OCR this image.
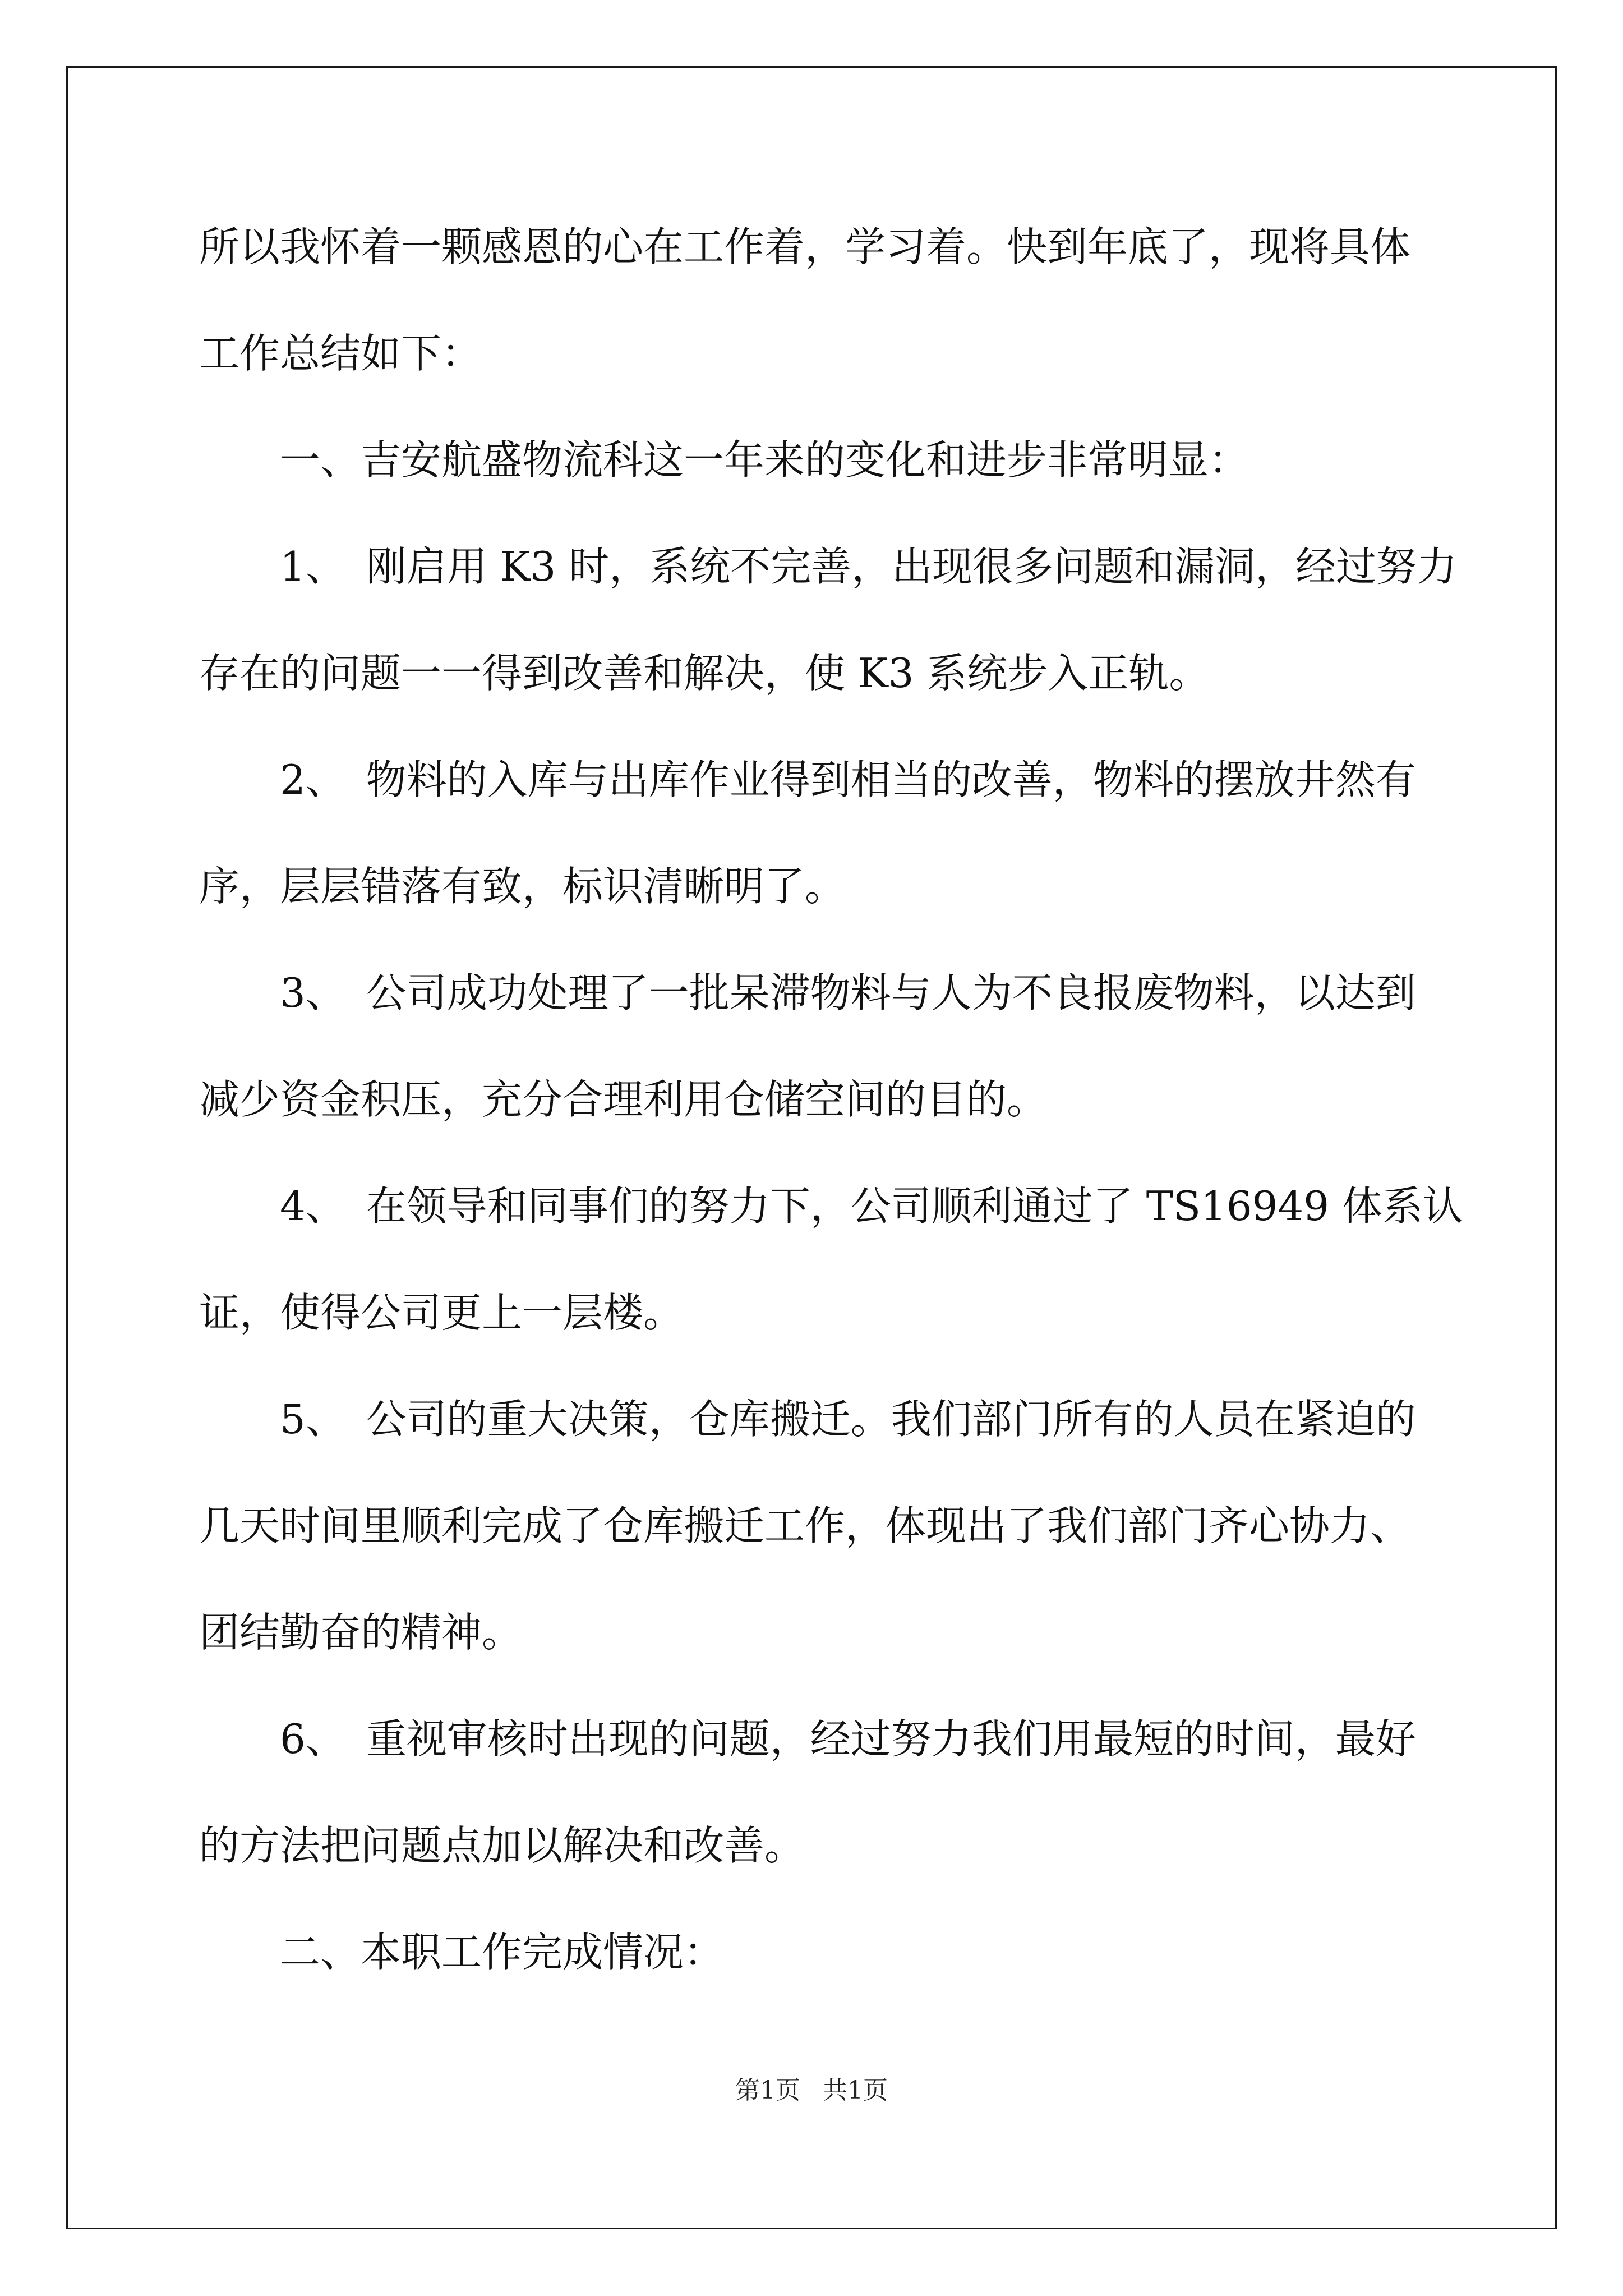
所以我怀着一颗感恩的心在工作着，学习着。快到年底了，现将具体
工作总结如下：
一、吉安航盛物流科这一年来的变化和进步非常明显：
1、　刚启用 K3 时，系统不完善，出现很多问题和漏洞，经过努力
存在的问题一一得到改善和解决，使 K3 系统步入正轨。
2、　物料的入库与出库作业得到相当的改善，物料的摆放井然有
序，层层错落有致，标识清晰明了。
3、　公司成功处理了一批呆滞物料与人为不良报废物料，以达到
减少资金积压，充分合理利用仓储空间的目的。
4、　在领导和同事们的努力下，公司顺利通过了 TS16949 体系认
证，使得公司更上一层楼。
5、　公司的重大决策，仓库搬迁。我们部门所有的人员在紧迫的
几天时间里顺利完成了仓库搬迁工作，体现出了我们部门齐心协力、
团结勤奋的精神。
6、　重视审核时出现的问题，经过努力我们用最短的时间，最好
的方法把问题点加以解决和改善。
二、本职工作完成情况：
第1页 共1页
